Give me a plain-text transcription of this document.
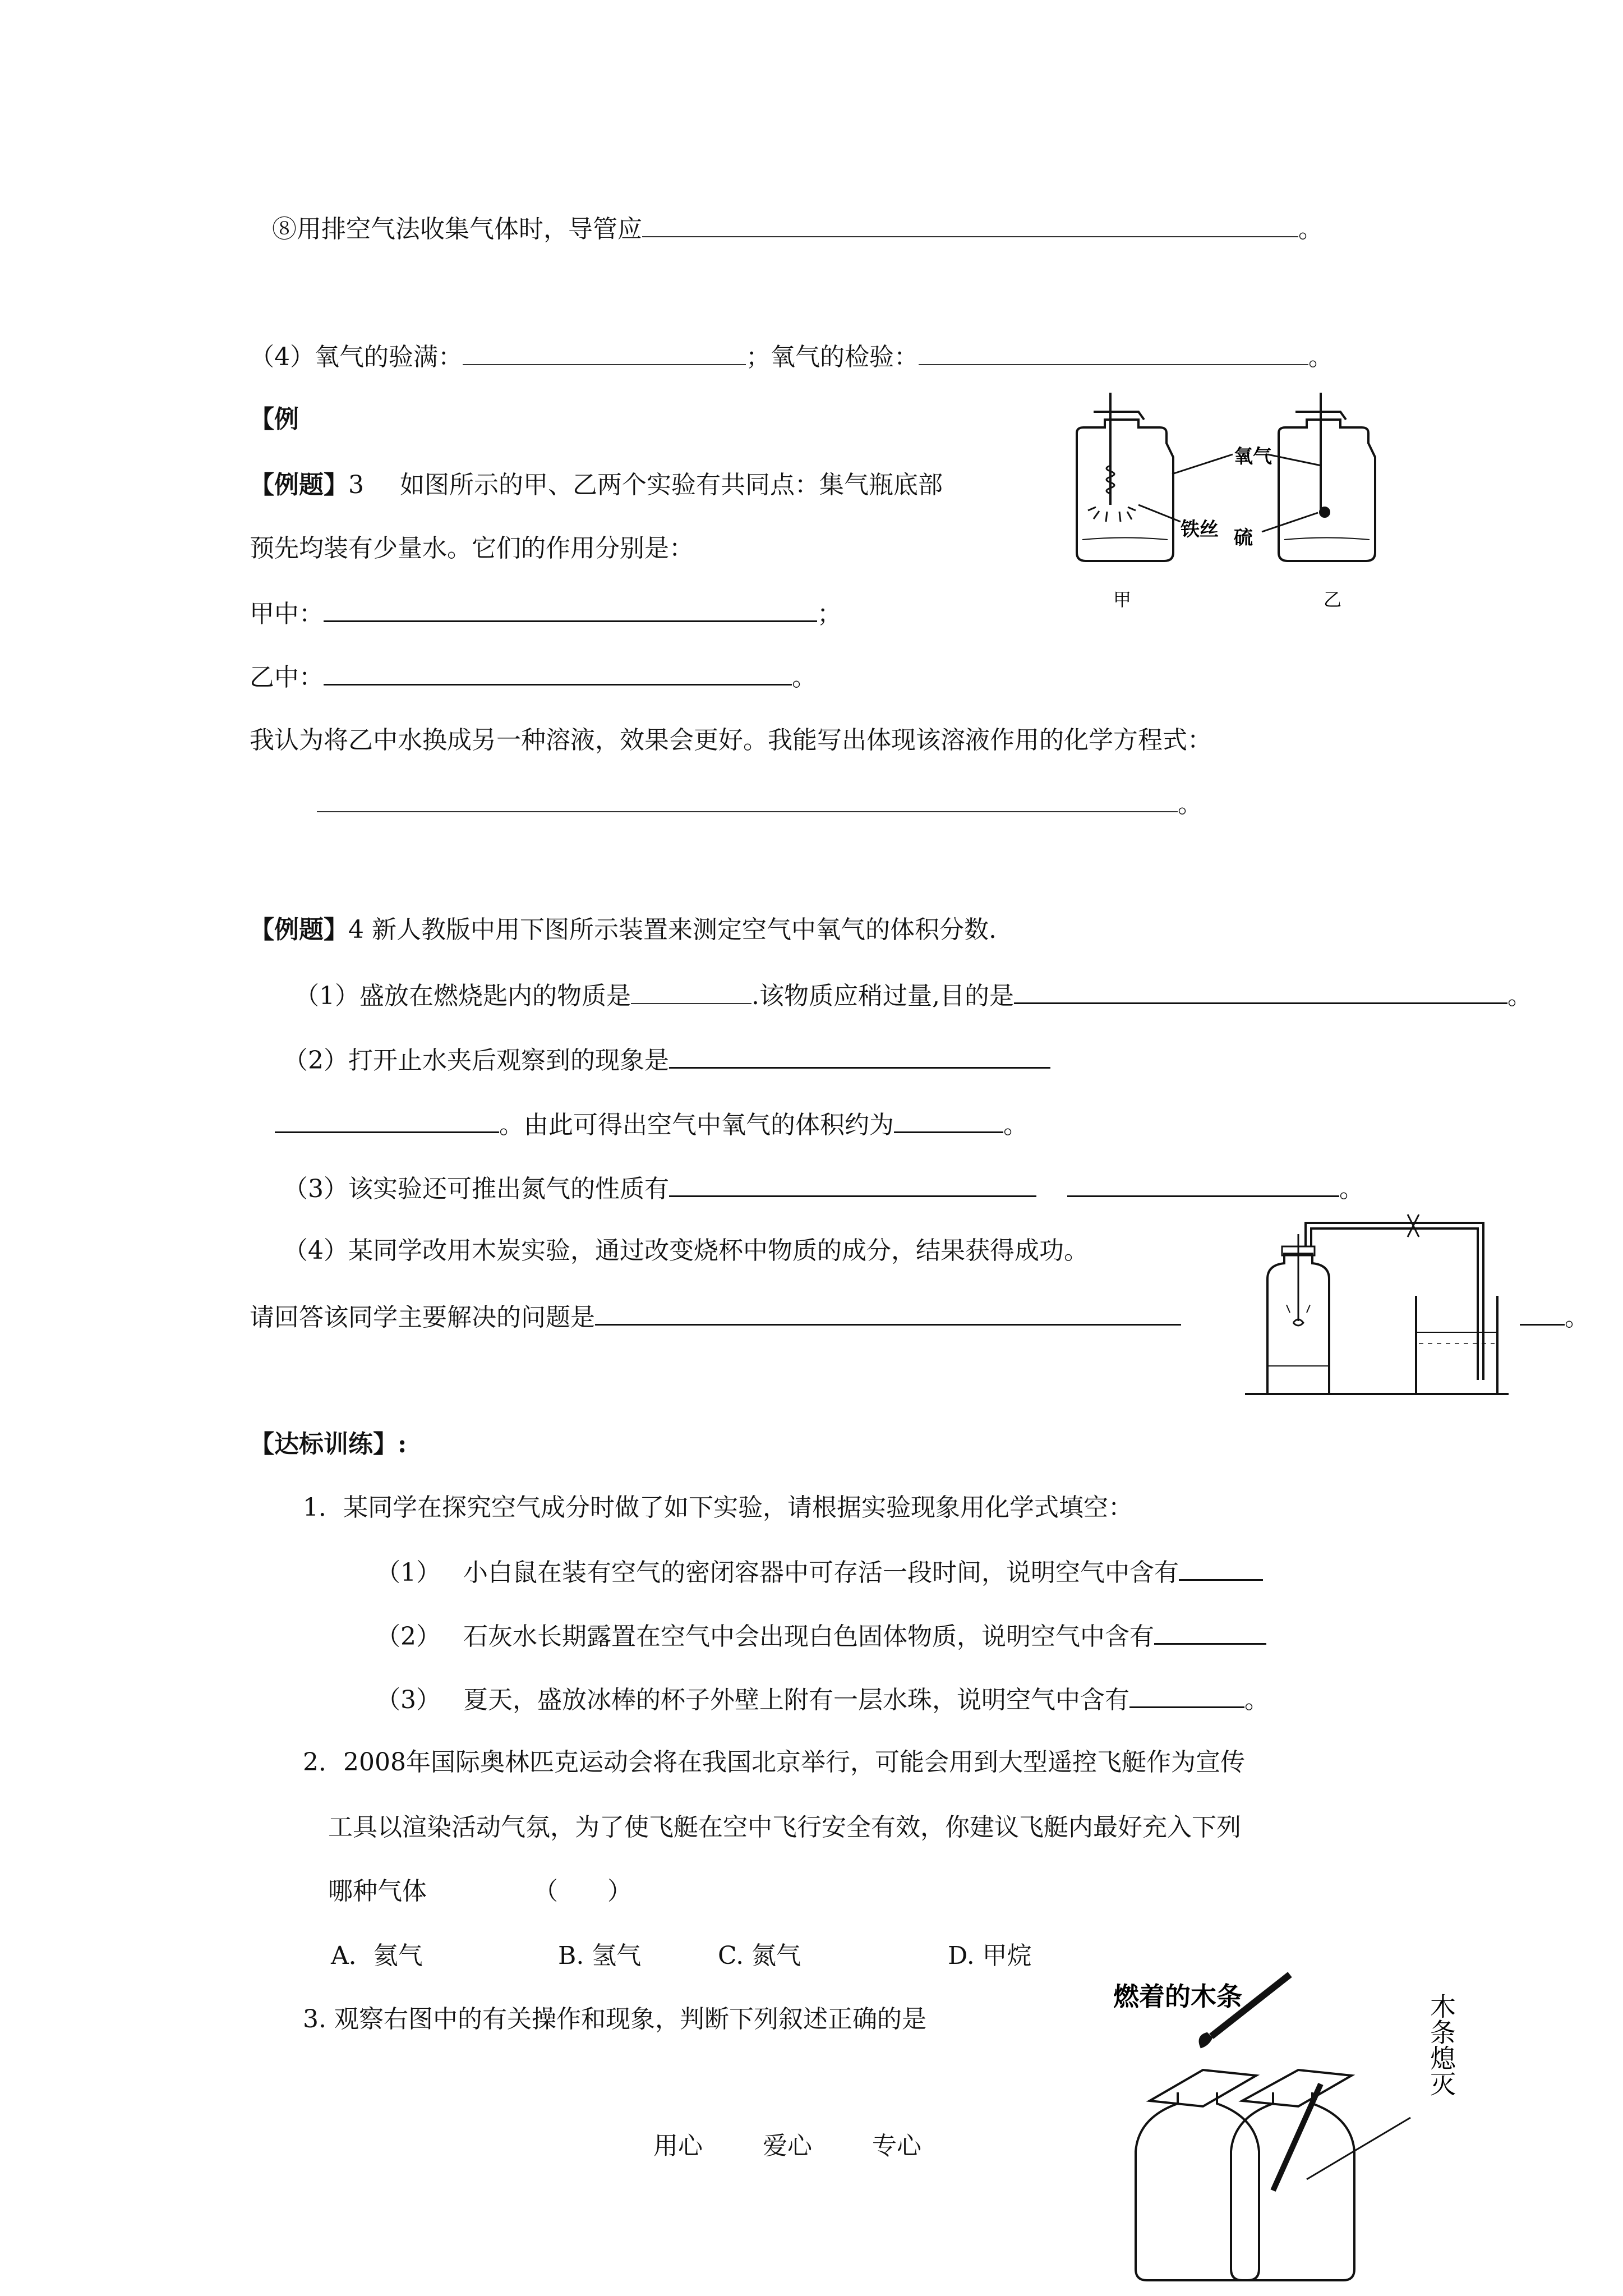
⑧用排空气法收集气体时，导管应	。
（4）氧气的验满：	；氧气的检验：	。
【例
【例题】3 如图所示的甲、乙两个实验有共同点：集气瓶底部
预先均装有少量水。它们的作用分别是：
甲中：	；
乙中：	。
我认为将乙中水换成另一种溶液，效果会更好。我能写出体现该溶液作用的化学方程式：
。
氧气
铁丝 硫
甲	乙
【例题】4 新人教版中用下图所示装置来测定空气中氧气的体积分数.
（1）盛放在燃烧匙内的物质是	.该物质应稍过量,目的是	。
（2）打开止水夹后观察到的现象是
。由此可得出空气中氧气的体积约为	。
（3）该实验还可推出氮气的性质有	。
（4）某同学改用木炭实验，通过改变烧杯中物质的成分，结果获得成功。
请回答该同学主要解决的问题是	。
【达标训练】:
1．某同学在探究空气成分时做了如下实验，请根据实验现象用化学式填空：
（1） 小白鼠在装有空气的密闭容器中可存活一段时间，说明空气中含有
（2） 石灰水长期露置在空气中会出现白色固体物质，说明空气中含有
（3） 夏天，盛放冰棒的杯子外壁上附有一层水珠，说明空气中含有	。
2．2008年国际奥林匹克运动会将在我国北京举行，可能会用到大型遥控飞艇作为宣传
工具以渲染活动气氛，为了使飞艇在空中飞行安全有效，你建议飞艇内最好充入下列
哪种气体	（　　）
A．氦气	B. 氢气	C. 氮气	D. 甲烷
3. 观察右图中的有关操作和现象，判断下列叙述正确的是
燃着的木条	木条熄灭
用心 爱心 专心
